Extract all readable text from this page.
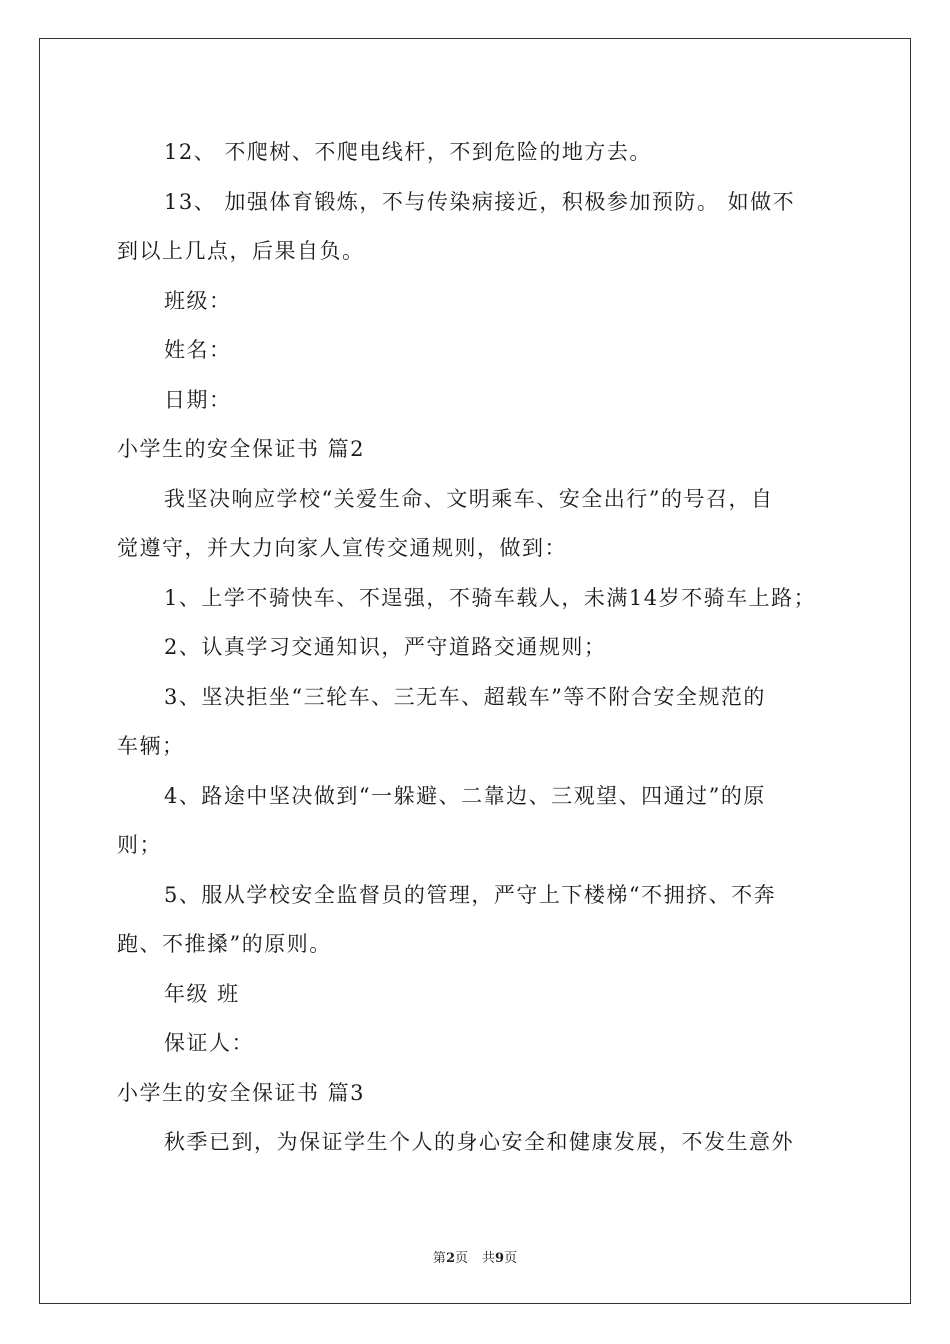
12、 不爬树、不爬电线杆，不到危险的地方去。
13、 加强体育锻炼，不与传染病接近，积极参加预防。 如做不
到以上几点，后果自负。
班级：
姓名：
日期：
小学生的安全保证书 篇2
我坚决响应学校“关爱生命、文明乘车、安全出行”的号召，自
觉遵守，并大力向家人宣传交通规则，做到：
1、上学不骑快车、不逞强，不骑车载人，未满14岁不骑车上路；
2、认真学习交通知识，严守道路交通规则；
3、坚决拒坐“三轮车、三无车、超载车”等不附合安全规范的
车辆；
4、路途中坚决做到“一躲避、二靠边、三观望、四通过”的原
则；
5、服从学校安全监督员的管理，严守上下楼梯“不拥挤、不奔
跑、不推搡”的原则。
年级 班
保证人：
小学生的安全保证书 篇3
秋季已到，为保证学生个人的身心安全和健康发展，不发生意外
第2页 共9页
